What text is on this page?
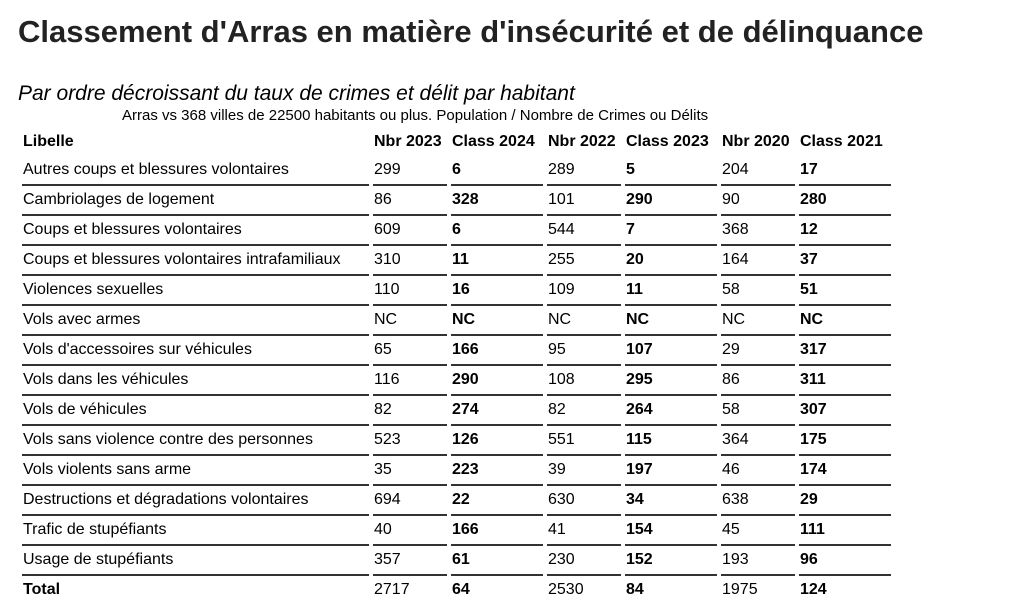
Classement d'Arras en matière d'insécurité et de délinquance
Par ordre décroissant du taux de crimes et délit par habitant
Arras vs 368 villes de 22500 habitants ou plus. Population / Nombre de Crimes ou Délits
Libelle	Nbr 2023	Class 2024	Nbr 2022	Class 2023	Nbr 2020	Class 2021
Autres coups et blessures volontaires	299	6	289	5	204	17
Cambriolages de logement	86	328	101	290	90	280
Coups et blessures volontaires	609	6	544	7	368	12
Coups et blessures volontaires intrafamiliaux	310	11	255	20	164	37
Violences sexuelles	110	16	109	11	58	51
Vols avec armes	NC	NC	NC	NC	NC	NC
Vols d'accessoires sur véhicules	65	166	95	107	29	317
Vols dans les véhicules	116	290	108	295	86	311
Vols de véhicules	82	274	82	264	58	307
Vols sans violence contre des personnes	523	126	551	115	364	175
Vols violents sans arme	35	223	39	197	46	174
Destructions et dégradations volontaires	694	22	630	34	638	29
Trafic de stupéfiants	40	166	41	154	45	111
Usage de stupéfiants	357	61	230	152	193	96
Total	2717	64	2530	84	1975	124
